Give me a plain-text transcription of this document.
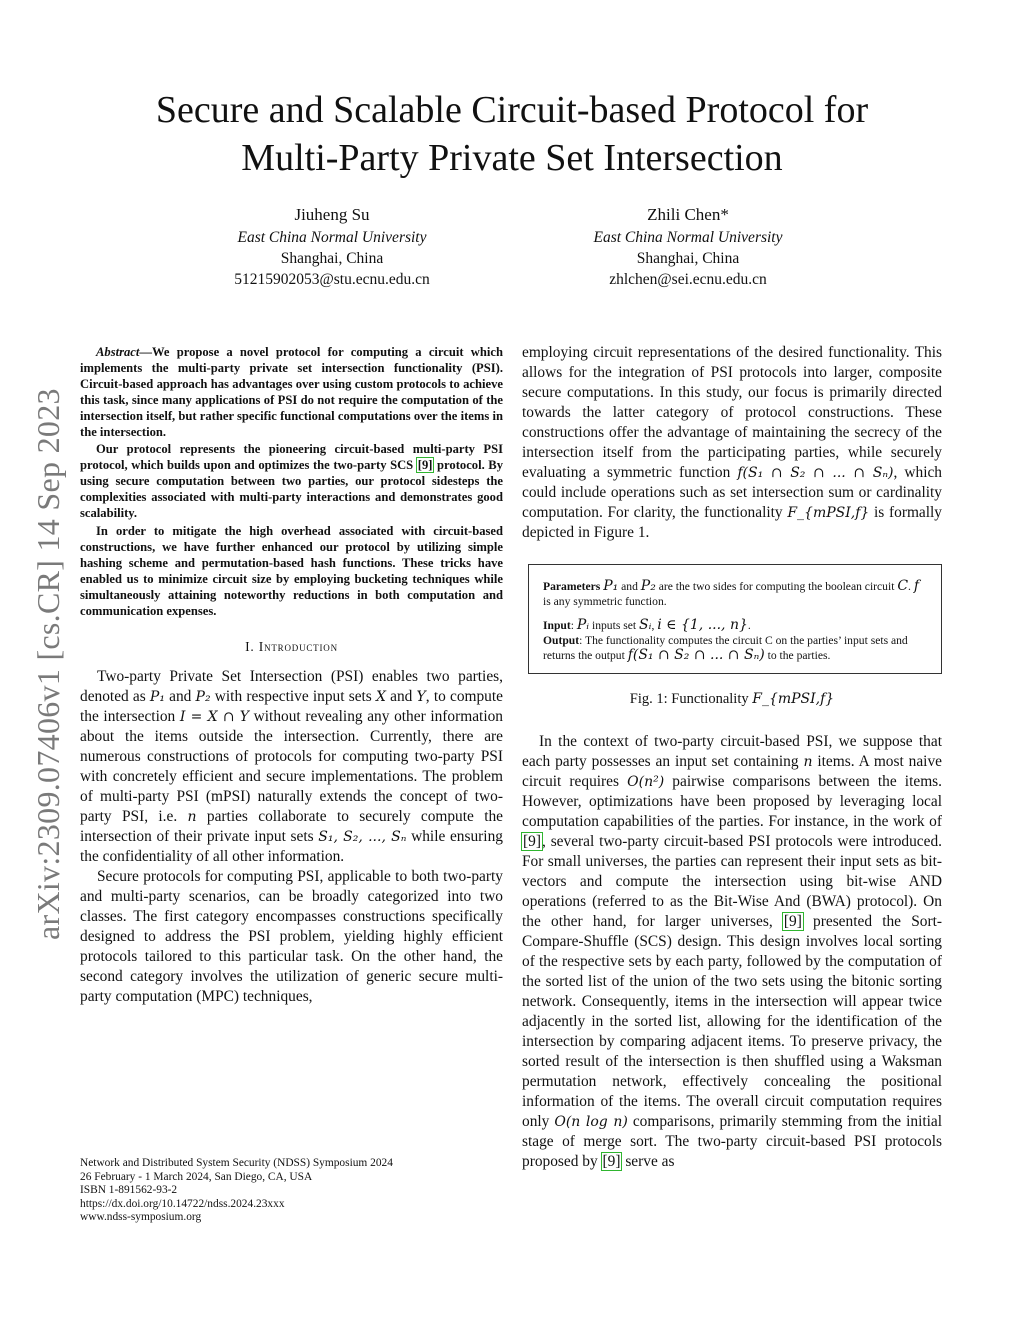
arXiv:2309.07406v1 [cs.CR] 14 Sep 2023
Secure and Scalable Circuit-based Protocol for
Multi-Party Private Set Intersection
Jiuheng Su
East China Normal University
Shanghai, China
51215902053@stu.ecnu.edu.cn
Zhili Chen*
East China Normal University
Shanghai, China
zhlchen@sei.ecnu.edu.cn

Abstract—We propose a novel protocol for computing a circuit which implements the multi-party private set intersection functionality (PSI). Circuit-based approach has advantages over using custom protocols to achieve this task, since many applications of PSI do not require the computation of the intersection itself, but rather specific functional computations over the items in the intersection.

Our protocol represents the pioneering circuit-based multi-party PSI protocol, which builds upon and optimizes the two-party SCS [9] protocol. By using secure computation between two parties, our protocol sidesteps the complexities associated with multi-party interactions and demonstrates good scalability.

In order to mitigate the high overhead associated with circuit-based constructions, we have further enhanced our protocol by utilizing simple hashing scheme and permutation-based hash functions. These tricks have enabled us to minimize circuit size by employing bucketing techniques while simultaneously attaining noteworthy reductions in both computation and communication expenses.

I. Introduction

Two-party Private Set Intersection (PSI) enables two parties, denoted as P₁ and P₂ with respective input sets X and Y, to compute the intersection I = X ∩ Y without revealing any other information about the items outside the intersection. Currently, there are numerous constructions of protocols for computing two-party PSI with concretely efficient and secure implementations. The problem of multi-party PSI (mPSI) naturally extends the concept of two-party PSI, i.e. n parties collaborate to securely compute the intersection of their private input sets S₁, S₂, ..., Sₙ while ensuring the confidentiality of all other information.

Secure protocols for computing PSI, applicable to both two-party and multi-party scenarios, can be broadly categorized into two classes. The first category encompasses constructions specifically designed to address the PSI problem, yielding highly efficient protocols tailored to this particular task. On the other hand, the second category involves the utilization of generic secure multi-party computation (MPC) techniques,

employing circuit representations of the desired functionality. This allows for the integration of PSI protocols into larger, composite secure computations. In this study, our focus is primarily directed towards the latter category of protocol constructions. These constructions offer the advantage of maintaining the secrecy of the intersection itself from the participating parties, while securely evaluating a symmetric function f(S₁ ∩ S₂ ∩ ... ∩ Sₙ), which could include operations such as set intersection sum or cardinality computation. For clarity, the functionality F_{mPSI,f} is formally depicted in Figure 1.

Parameters P₁ and P₂ are the two sides for computing the boolean circuit C. f is any symmetric function.

Input: Pᵢ inputs set Sᵢ, i ∈ {1, ..., n}.

Output: The functionality computes the circuit C on the parties’ input sets and returns the output f(S₁ ∩ S₂ ∩ ... ∩ Sₙ) to the parties.

Fig. 1: Functionality F_{mPSI,f}

In the context of two-party circuit-based PSI, we suppose that each party possesses an input set containing n items. A most naive circuit requires O(n²) pairwise comparisons between the items. However, optimizations have been proposed by leveraging local computation capabilities of the parties. For instance, in the work of [9], several two-party circuit-based PSI protocols were introduced. For small universes, the parties can represent their input sets as bit-vectors and compute the intersection using bit-wise AND operations (referred to as the Bit-Wise And (BWA) protocol). On the other hand, for larger universes, [9] presented the Sort-Compare-Shuffle (SCS) design. This design involves local sorting of the respective sets by each party, followed by the computation of the sorted list of the union of the two sets using the bitonic sorting network. Consequently, items in the intersection will appear twice adjacently in the sorted list, allowing for the identification of the intersection by comparing adjacent items. To preserve privacy, the sorted result of the intersection is then shuffled using a Waksman permutation network, effectively concealing the positional information of the items. The overall circuit computation requires only O(n log n) comparisons, primarily stemming from the initial stage of merge sort. The two-party circuit-based PSI protocols proposed by [9] serve as

Network and Distributed System Security (NDSS) Symposium 2024
26 February - 1 March 2024, San Diego, CA, USA
ISBN 1-891562-93-2
https://dx.doi.org/10.14722/ndss.2024.23xxx
www.ndss-symposium.org
